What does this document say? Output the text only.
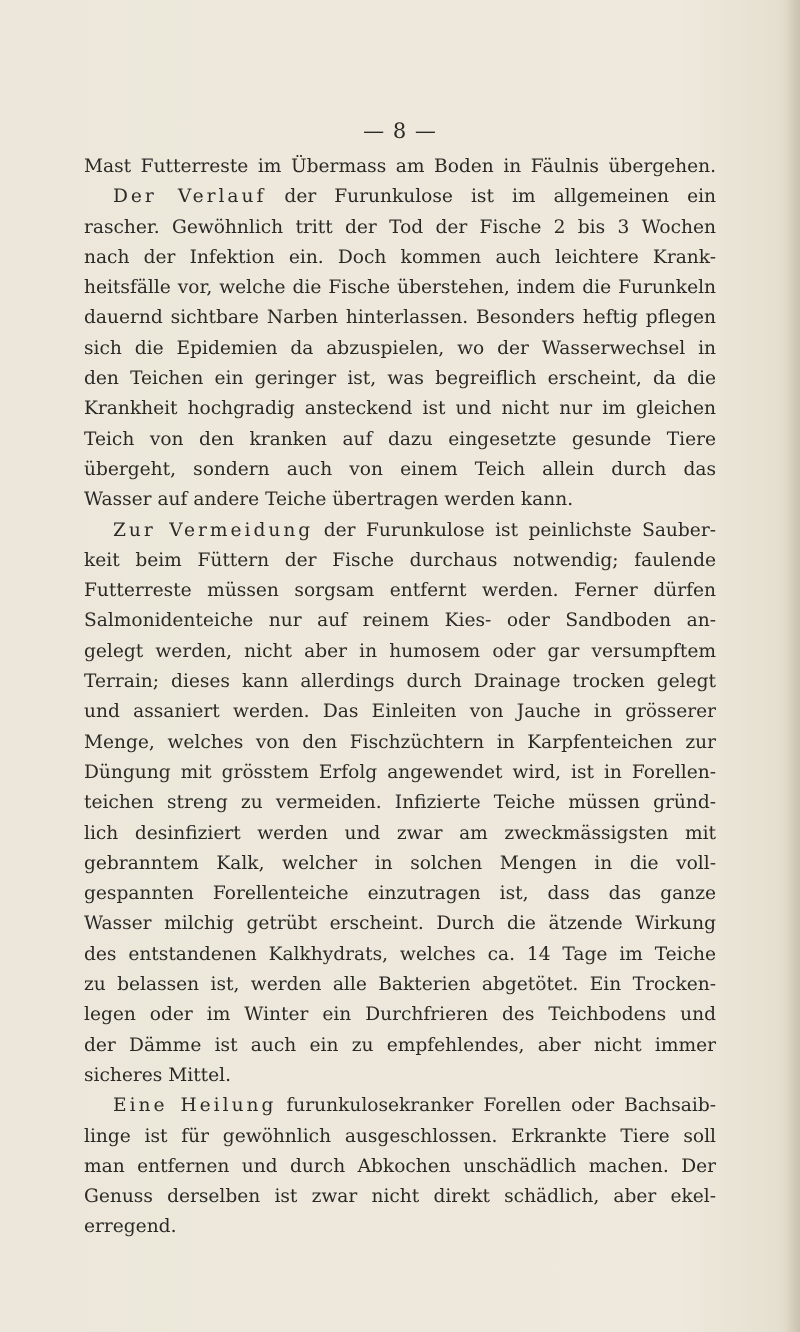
— 8 —
Mast Futterreste im Übermass am Boden in Fäulnis übergehen.
Der Verlauf der Furunkulose ist im allgemeinen ein
rascher. Gewöhnlich tritt der Tod der Fische 2 bis 3 Wochen
nach der Infektion ein. Doch kommen auch leichtere Krank-
heitsfälle vor, welche die Fische überstehen, indem die Furunkeln
dauernd sichtbare Narben hinterlassen. Besonders heftig pflegen
sich die Epidemien da abzuspielen, wo der Wasserwechsel in
den Teichen ein geringer ist, was begreiflich erscheint, da die
Krankheit hochgradig ansteckend ist und nicht nur im gleichen
Teich von den kranken auf dazu eingesetzte gesunde Tiere
übergeht, sondern auch von einem Teich allein durch das
Wasser auf andere Teiche übertragen werden kann.
Zur Vermeidung der Furunkulose ist peinlichste Sauber-
keit beim Füttern der Fische durchaus notwendig; faulende
Futterreste müssen sorgsam entfernt werden. Ferner dürfen
Salmonidenteiche nur auf reinem Kies- oder Sandboden an-
gelegt werden, nicht aber in humosem oder gar versumpftem
Terrain; dieses kann allerdings durch Drainage trocken gelegt
und assaniert werden. Das Einleiten von Jauche in grösserer
Menge, welches von den Fischzüchtern in Karpfenteichen zur
Düngung mit grösstem Erfolg angewendet wird, ist in Forellen-
teichen streng zu vermeiden. Infizierte Teiche müssen gründ-
lich desinfiziert werden und zwar am zweckmässigsten mit
gebranntem Kalk, welcher in solchen Mengen in die voll-
gespannten Forellenteiche einzutragen ist, dass das ganze
Wasser milchig getrübt erscheint. Durch die ätzende Wirkung
des entstandenen Kalkhydrats, welches ca. 14 Tage im Teiche
zu belassen ist, werden alle Bakterien abgetötet. Ein Trocken-
legen oder im Winter ein Durchfrieren des Teichbodens und
der Dämme ist auch ein zu empfehlendes, aber nicht immer
sicheres Mittel.
Eine Heilung furunkulosekranker Forellen oder Bachsaib-
linge ist für gewöhnlich ausgeschlossen. Erkrankte Tiere soll
man entfernen und durch Abkochen unschädlich machen. Der
Genuss derselben ist zwar nicht direkt schädlich, aber ekel-
erregend.
